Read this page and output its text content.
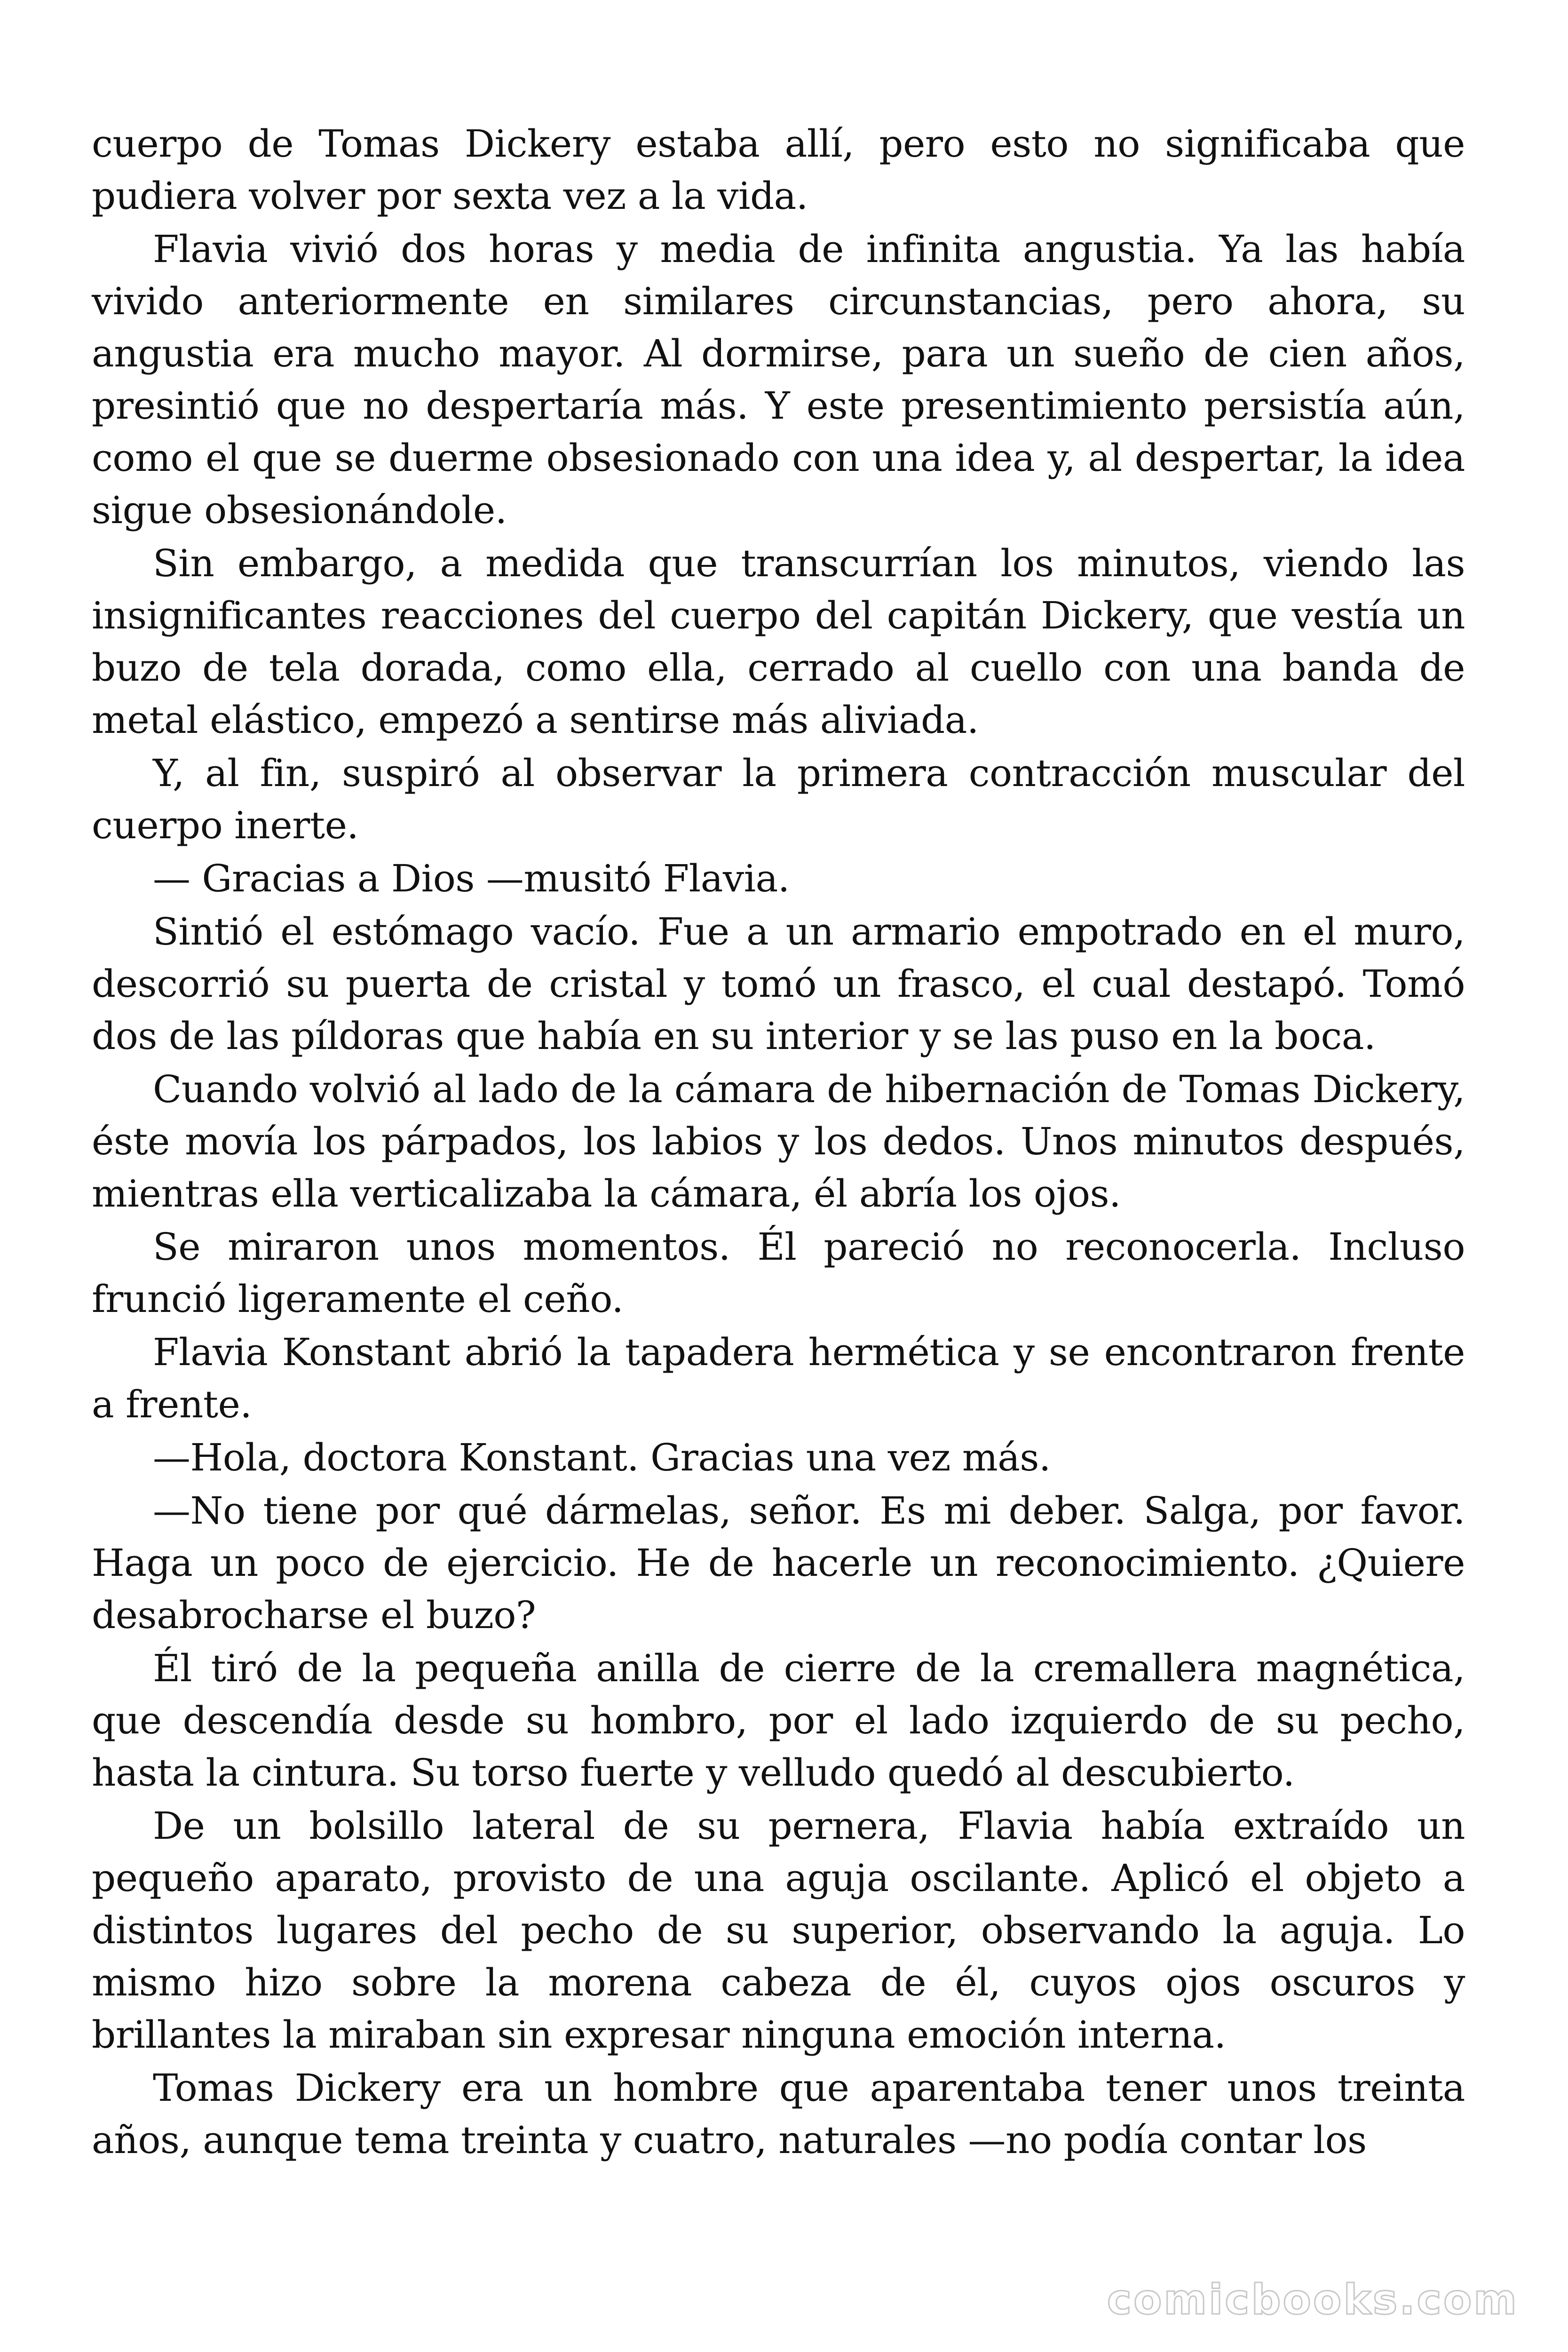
cuerpo de Tomas Dickery estaba allí, pero esto no significaba que pudiera volver por sexta vez a la vida.

Flavia vivió dos horas y media de infinita angustia. Ya las había vivido anteriormente en similares circunstancias, pero ahora, su angustia era mucho mayor. Al dormirse, para un sueño de cien años, presintió que no despertaría más. Y este presentimiento persistía aún, como el que se duerme obsesionado con una idea y, al despertar, la idea sigue obsesionándole.

Sin embargo, a medida que transcurrían los minutos, viendo las insignificantes reacciones del cuerpo del capitán Dickery, que vestía un buzo de tela dorada, como ella, cerrado al cuello con una banda de metal elástico, empezó a sentirse más aliviada.

Y, al fin, suspiró al observar la primera contracción muscular del cuerpo inerte.

— Gracias a Dios —musitó Flavia.

Sintió el estómago vacío. Fue a un armario empotrado en el muro, descorrió su puerta de cristal y tomó un frasco, el cual destapó. Tomó dos de las píldoras que había en su interior y se las puso en la boca.

Cuando volvió al lado de la cámara de hibernación de Tomas Dickery, éste movía los párpados, los labios y los dedos. Unos minutos después, mientras ella verticalizaba la cámara, él abría los ojos.

Se miraron unos momentos. Él pareció no reconocerla. Incluso frunció ligeramente el ceño.

Flavia Konstant abrió la tapadera hermética y se encontraron frente a frente.

—Hola, doctora Konstant. Gracias una vez más.

—No tiene por qué dármelas, señor. Es mi deber. Salga, por favor. Haga un poco de ejercicio. He de hacerle un reconocimiento. ¿Quiere desabrocharse el buzo?

Él tiró de la pequeña anilla de cierre de la cremallera magnética, que descendía desde su hombro, por el lado izquierdo de su pecho, hasta la cintura. Su torso fuerte y velludo quedó al descubierto.

De un bolsillo lateral de su pernera, Flavia había extraído un pequeño aparato, provisto de una aguja oscilante. Aplicó el objeto a distintos lugares del pecho de su superior, observando la aguja. Lo mismo hizo sobre la morena cabeza de él, cuyos ojos oscuros y brillantes la miraban sin expresar ninguna emoción interna.

Tomas Dickery era un hombre que aparentaba tener unos treinta años, aunque tema treinta y cuatro, naturales —no podía contar los

comicbooks.com
